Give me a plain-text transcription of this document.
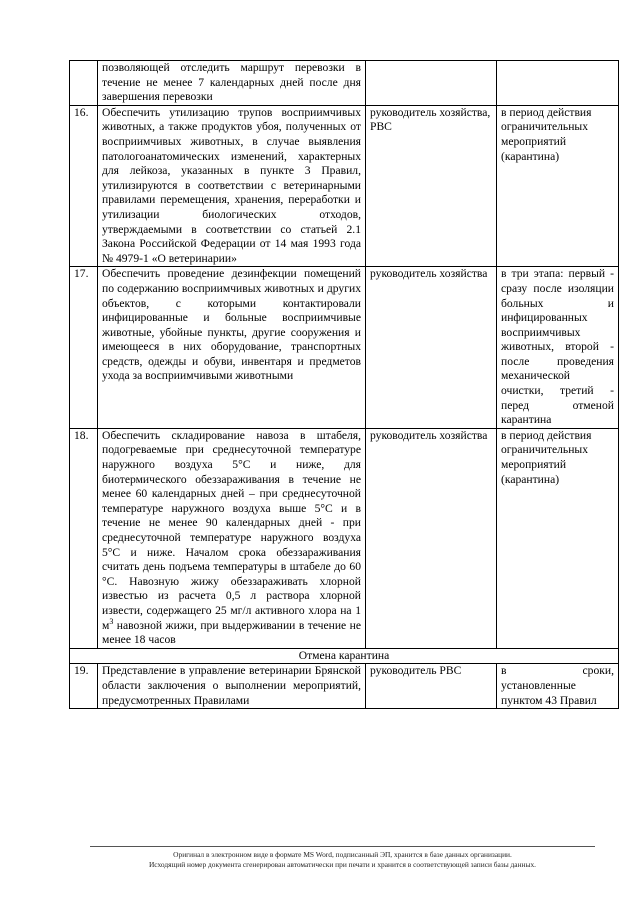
	позволяющей отследить маршрут перевозки в течение не менее 7 календарных дней после дня завершения перевозки		
16.	Обеспечить утилизацию трупов восприимчивых животных, а также продуктов убоя, полученных от восприимчивых животных, в случае выявления патологоанатомических изменений, характерных для лейкоза, указанных в пункте 3 Правил, утилизируются в соответствии с ветеринарными правилами перемещения, хранения, переработки и утилизации биологических отходов, утверждаемыми в соответствии со статьей 2.1 Закона Российской Федерации от 14 мая 1993 года № 4979-1 «О ветеринарии»	руководитель хозяйства, РВС	в период действия ограничительных мероприятий (карантина)
17.	Обеспечить проведение дезинфекции помещений по содержанию восприимчивых животных и других объектов, с которыми контактировали инфицированные и больные восприимчивые животные, убойные пункты, другие сооружения и имеющееся в них оборудование, транспортных средств, одежды и обуви, инвентаря и предметов ухода за восприимчивыми животными	руководитель хозяйства	в три этапа: первый - сразу после изоляции больных и инфицированных восприимчивых животных, второй - после проведения механической очистки, третий - перед отменой карантина
18.	Обеспечить складирование навоза в штабеля, подогреваемые при среднесуточной температуре наружного воздуха 5°С и ниже, для биотермического обеззараживания в течение не менее 60 календарных дней – при среднесуточной температуре наружного воздуха выше 5°С и в течение не менее 90 календарных дней - при среднесуточной температуре наружного воздуха 5°С и ниже. Началом срока обеззараживания считать день подъема температуры в штабеле до 60 °С. Навозную жижу обеззараживать хлорной известью из расчета 0,5 л раствора хлорной извести, содержащего 25 мг/л активного хлора на 1 $м^3$ навозной жижи, при выдерживании в течение не менее 18 часов	руководитель хозяйства	в период действия ограничительных мероприятий (карантина)
Отмена карантина			
19.	Представление в управление ветеринарии Брянской области заключения о выполнении мероприятий, предусмотренных Правилами	руководитель РВС	в сроки, установленные пунктом 43 Правил
Оригинал в электронном виде в формате MS Word, подписанный ЭП, хранится в базе данных организации.
Исходящий номер документа сгенерирован автоматически при печати и хранится в соответствующей записи базы данных.
